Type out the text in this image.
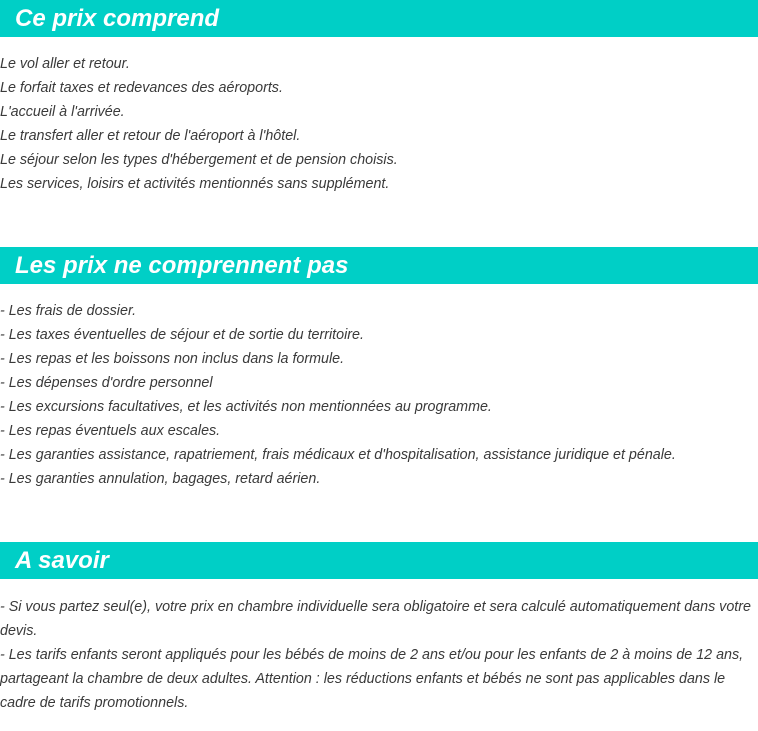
Ce prix comprend
Le vol aller et retour.
Le forfait taxes et redevances des aéroports.
L'accueil à l'arrivée.
Le transfert aller et retour de l'aéroport à l'hôtel.
Le séjour selon les types d'hébergement et de pension choisis.
Les services, loisirs et activités mentionnés sans supplément.
Les prix ne comprennent pas
- Les frais de dossier.
- Les taxes éventuelles de séjour et de sortie du territoire.
- Les repas et les boissons non inclus dans la formule.
- Les dépenses d'ordre personnel
- Les excursions facultatives, et les activités non mentionnées au programme.
- Les repas éventuels aux escales.
- Les garanties assistance, rapatriement, frais médicaux et d'hospitalisation, assistance juridique et pénale.
- Les garanties annulation, bagages, retard aérien.
A savoir

- Si vous partez seul(e), votre prix en chambre individuelle sera obligatoire et sera calculé automatiquement dans votre devis.

- Les tarifs enfants seront appliqués pour les bébés de moins de 2 ans et/ou pour les enfants de 2 à moins de 12 ans, partageant la chambre de deux adultes. Attention : les réductions enfants et bébés ne sont pas applicables dans le cadre de tarifs promotionnels.
